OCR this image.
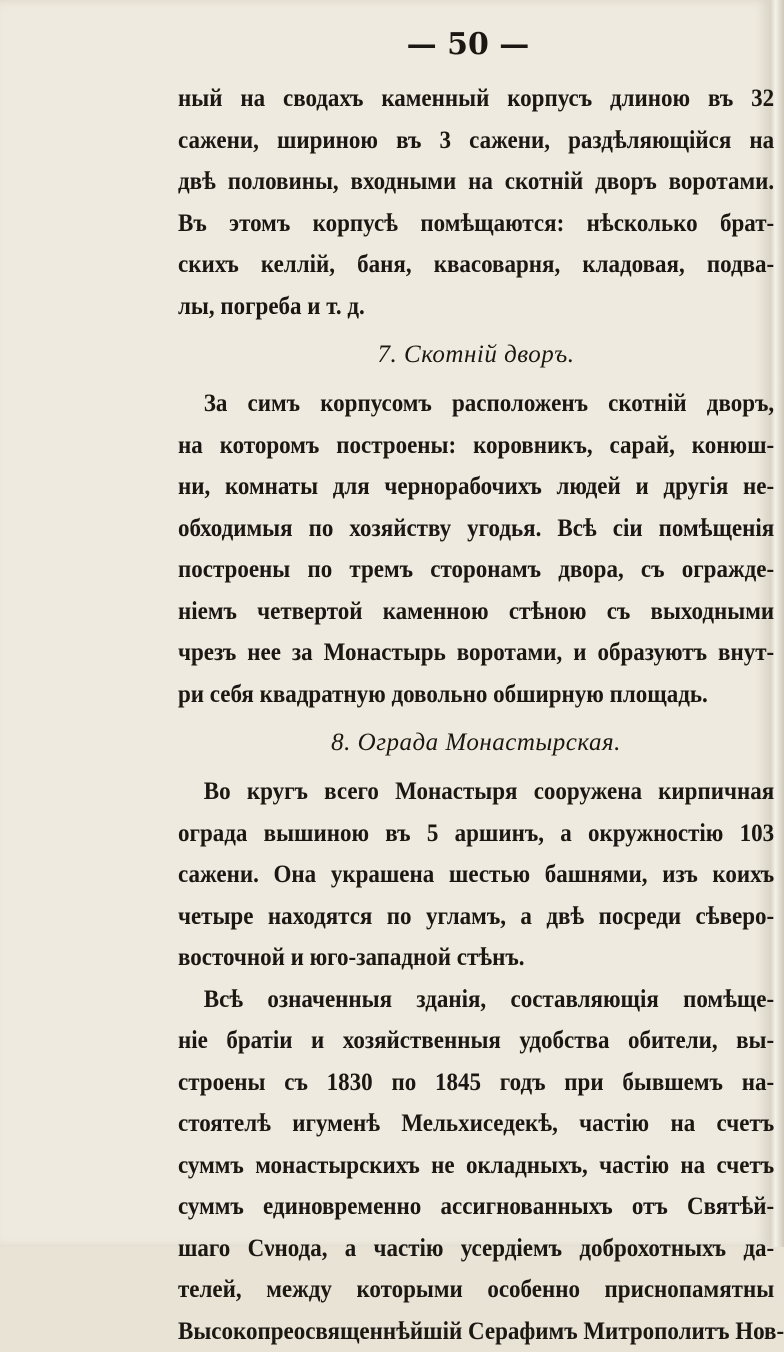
— 50 —
ный на сводахъ каменный корпусъ длиною въ 32
сажени, шириною въ 3 сажени, раздѣляющійся на
двѣ половины, входными на скотній дворъ воротами.
Въ этомъ корпусѣ помѣщаются: нѣсколько брат-
скихъ келлій, баня, квасоварня, кладовая, подва-
лы, погреба и т. д.
7. Скотній дворъ.
За симъ корпусомъ расположенъ скотній дворъ,
на которомъ построены: коровникъ, сарай, конюш-
ни, комнаты для чернорабочихъ людей и другія не-
обходимыя по хозяйству угодья. Всѣ сіи помѣщенія
построены по тремъ сторонамъ двора, съ огражде-
ніемъ четвертой каменною стѣною съ выходными
чрезъ нее за Монастырь воротами, и образуютъ внут-
ри себя квадратную довольно обширную площадь.
8. Ограда Монастырская.
Во кругъ всего Монастыря сооружена кирпичная
ограда вышиною въ 5 аршинъ, а окружностію 103
сажени. Она украшена шестью башнями, изъ коихъ
четыре находятся по угламъ, а двѣ посреди сѣверо-
восточной и юго-западной стѣнъ.
Всѣ означенныя зданія, составляющія помѣще-
ніе братіи и хозяйственныя удобства обители, вы-
строены съ 1830 по 1845 годъ при бывшемъ на-
стоятелѣ игуменѣ Мельхиседекѣ, частію на счетъ
суммъ монастырскихъ не окладныхъ, частію на счетъ
суммъ единовременно ассигнованныхъ отъ Святѣй-
шаго Сνнода, а частію усердіемъ доброхотныхъ да-
телей, между которыми особенно приснопамятны
Высокопреосвященнѣйшій Серафимъ Митрополитъ Нов-
